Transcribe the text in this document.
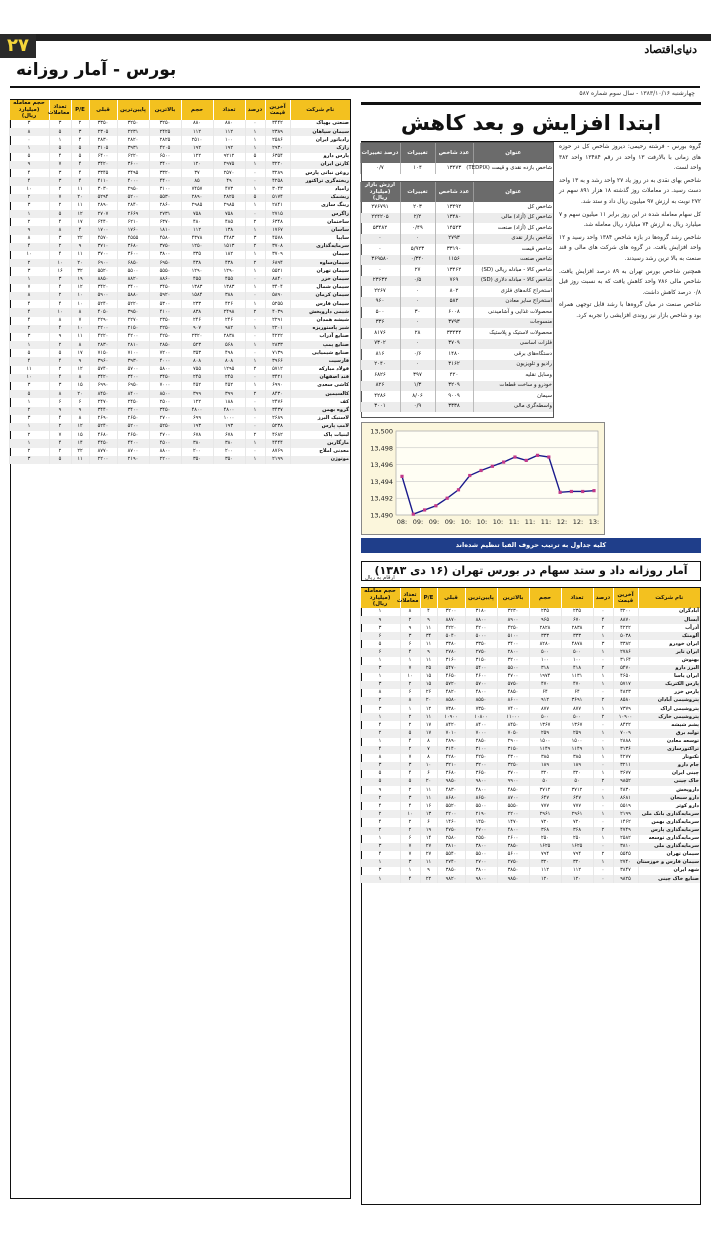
۲۷	دنیای‌اقتصاد
بورس - آمار روزانه
چهارشنبه ۱۳۸۳/۱۰/۱۶ - سال سوم شماره ۵۸۷
نام شرکت	آخرین قیمت	درصد	تعداد	حجم	بالاترین	پایین‌ترین	قبلی	P/E	تعداد معاملات	حجم معامله (میلیارد ریال)
صنعتی بهپاک	۳۴۴۲	۰	۸۸۰	۸۸۰	۳۲۵۰	۳۲۵۰	۳۳۵۰	۲	۳	۳
سیمان سپاهان	۲۳۸۹	۱	۱۱۲	۱۱۲	۲۴۲۵	۲۲۳۱	۲۳۰۵	۳	۵	۸
رادیاتور ایران	۲۵۸۶	۱	۱۰۰	۲۵۱۰	۲۸۲۵	۲۸۲۰	۲۸۳۰	۴	۱	۰
رازک	۲۹۳۰	۱	۱۹۲	۱۹۲	۴۲۰۵	۳۹۳۱	۳۱۰۵	۵	۵	۱
پارس دارو	۶۳۵۴	۵	۹۲۱۲	۱۲۲	۶۵۰۰	۶۲۲۰	۶۴۰۰	۵	۴	۵
کارتن ایران	۳۲۲۰	۱	۲۹۷۵	۱۲۰	۳۴۰۰	۳۶۰۰	۳۴۲۰	۴	۷	۹
روغن نباتی پارس	۳۲۸۹	۰	۲۵۷۰	۳۷	۳۳۲۰	۳۴۹۵	۳۳۴۵	۴	۳	۴
ریخته‌گری تراکتور	۴۲۵۸	۰	۴۹	۸۵	۴۴۰۰	۴۰۰۰	۴۱۱۰	۴	۳	۴
زامیاد	۳۰۴۳	۱	۴۷۳	۷۴۵۷	۳۱۰۰	۲۹۵۰	۳۰۳۰	۱۱	۲	۱۰
ریشمک	۵۱۷۴	۵	۲۸۲۵	۲۸۹۰	۵۵۳۰	۵۲۰۰	۵۲۹۴	۲۰	۷	۲
رینگ سازی	۲۸۴۱	۱	۲۹۸۵	۲۹۸۵	۲۸۶۰	۲۸۴۰	۲۸۹۰	۱۱	۲	۳
زاگرس	۲۷۱۵	۰	۷۵۸	۷۵۸	۲۷۳۱	۲۶۶۹	۲۷۰۷	۱۲	۵	۱
ساختمان	۶۳۴۸	۲	۴۸۵	۴۸۰	۶۳۷۰	۶۲۱۰	۶۴۴۰	۱۷	۴	۲
ساسان	۱۷۶۷	۱	۱۳۸	۱۱۲	۱۸۱۰	۱۷۶۰	۱۷۰۰	۴	۸	۹
سایپا	۴۵۷۸	۳	۴۴۸۳	۴۳۷۸	۴۵۸۰	۴۵۵۵	۴۵۷۰	۲۲	۳	۸
سرمایه‌گذاری	۳۷۰۸	۲	۱۵۱۳	۱۲۵۰	۳۷۵۰	۳۶۸۰	۳۷۱۰	۹	۲	۴
سیمان	۳۷۰۹	۱	۱۸۲	۳۳۵	۳۸۰۰	۳۶۰۰	۳۷۰۰	۱۱	۴	۱۰
سیمان‌ساوه	۶۸۹۴	۲	۴۳۸	۴۳۸	۶۹۵۰	۶۸۵۰	۶۹۰۰	۲۰	۱۰	۲
سیمان تهران	۵۵۲۱	۱	۱۲۹۰	۱۲۹۰	۵۵۵۰	۵۵۰۰	۵۵۲۰	۳۲	۱۶	۳
سیمان خزر	۸۸۴۰	۰	۴۵۵	۴۵۵	۸۸۶۰	۸۸۲۰	۸۸۵۰	۱۹	۳	۱
سیمان شمال	۳۴۰۴	۱	۱۳۸۳	۱۳۸۳	۳۴۵۰	۳۴۰۰	۳۴۲۰	۱۲	۴	۷
سیمان کرمان	۵۸۹۰	۰	۳۸۸	۱۵۸۴	۵۹۲۰	۵۸۸۰	۵۹۰۰	۱۰	۲	۸
سیمان فارس	۵۲۵۵	۱	۴۲۶	۲۳۳	۵۳۰۰	۵۲۲۰	۵۲۴۰	۱۰	۴	۴
شیمی داروپخش	۴۰۳۹	۲	۲۴۹۸	۸۳۸	۴۱۰۰	۳۹۵۰	۴۰۵۰	۸	۱۰	۴
شیشه همدان	۲۲۹۱	۰	۲۴۶	۲۴۶	۲۳۵۰	۲۲۷۰	۲۲۹۰	۷	۸	۴
شیر پاستوریزه	۲۲۰۱	۱	۹۸۲	۹۰۷	۲۲۵۰	۲۱۵۰	۲۲۰۰	۱۰	۴	۲
صنایع آذراب	۴۲۲۲	۰	۲۸۳۸	۲۳۲۰	۴۲۵۰	۴۲۰۰	۴۲۲۰	۱۱	۹	۳
صنایع پمپ	۲۸۳۳	۱	۵۶۸	۵۲۳	۲۸۵۰	۲۸۱۰	۲۸۳۰	۸	۲	۱
صنایع شیمیایی	۷۱۳۹	۰	۴۹۸	۳۵۳	۷۲۰۰	۷۱۰۰	۷۱۵۰	۱۷	۵	۵
فارسیت	۳۹۶۶	۱	۸۰۸	۸۰۸	۴۰۰۰	۳۹۳۰	۳۹۶۰	۹	۴	۴
فولاد مبارکه	۵۷۱۲	۲	۱۲۹۵	۷۵۵	۵۸۰۰	۵۷۰۰	۵۷۴۰	۱۲	۲	۱۱
قند اصفهان	۳۴۲۱	۰	۲۴۵	۲۴۵	۳۴۵۰	۳۴۰۰	۳۴۲۰	۸	۴	۱۰
کاشی سعدی	۶۹۹۰	۱	۴۵۲	۴۵۲	۷۰۰۰	۶۹۵۰	۶۹۹۰	۱۵	۳	۳
کالسیمین	۸۴۳۰	۲	۳۹۹	۳۹۹	۸۵۰۰	۸۴۰۰	۸۴۵۰	۲۰	۸	۵
کف	۲۴۷۶	۰	۱۸۸	۱۲۲	۲۵۰۰	۲۴۵۰	۲۴۷۰	۶	۶	۱
گروه بهمن	۳۴۳۷	۱	۴۸۰۰	۴۸۰۰	۳۴۵۰	۳۴۰۰	۳۴۴۰	۹	۹	۲
لاستیک البرز	۲۶۸۹	۰	۱۰۰۰	۶۹۹	۲۷۰۰	۲۶۵۰	۲۶۹۰	۸	۴	۳
لامپ پارس	۵۲۳۸	۰	۱۹۳	۱۹۳	۵۲۵۰	۵۲۰۰	۵۲۴۰	۱۲	۲	۱
لبنیات پاک	۴۶۸۲	۲	۶۷۸	۶۷۸	۴۷۰۰	۴۶۵۰	۴۶۸۰	۱۵	۷	۲
مارگارین	۴۴۴۴	۱	۳۸۰	۳۸۰	۴۵۰۰	۴۴۰۰	۴۴۵۰	۱۴	۴	۱
معدنی املاح	۸۷۶۹	۰	۲۰۰	۲۰۰	۸۸۰۰	۸۷۰۰	۸۷۷۰	۲۲	۲	۲
موتوژن	۲۱۹۹	۱	۳۵۰	۳۵۰	۲۲۰۰	۲۱۹۰	۲۲۰۰	۱۱	۵	۳
ابتدا افزایش و بعد کاهش
عنوان	عدد شاخص	تغییرات	درصد تغییرات
شاخص بازده نقدی و قیمت (TEDPIX)	۱۳۴۷۳	۱۰۴	۰/۷
عنوان	عدد شاخص	تغییرات	ارزش بازار (میلیارد ریال)
شاخص کل	۱۳۴۹۲	۲۰۳	۲۷۶۷۹۱
شاخص کل (آزاد) مالی	۱۳۴۸۰	۲/۲	۲۲۴۲۰۵
شاخص کل (آزاد) صنعت	۱۴۵۲۳	۰/۴۹	۵۳۴۸۲
شاخص بازار نقدی	۲۷۹۳	۰	۰
شاخص قیمت	۳۳۱۹۰	۵/۹۲۳	۰
شاخص صنعت	۱۱۵۶	۰/۳۴۰	۳۶۹۵۸۰
شاخص کالا - مبادله ریالی (SD)	۱۳۴۶۲	۲۷	۰
شاخص کالا - مبادله دلاری (SD)	۷۶۹	۰/۵	۲۳۶۳۲
استخراج کانه‌های فلزی	۸۰۲	۰	۲۲۶۷
استخراج سایر معادن	۵۸۲	۰	۹۶۰
محصولات غذایی و آشامیدنی	۶۰۰۸	۳۰	۵۰۰
منسوجات	۳۷۹۳	۰	۳۳۶
محصولات لاستیک و پلاستیک	۳۳۴۳۴	۲۸	۸۱۷۶
فلزات اساسی	۳۷۰۹	۰	۷۳۰۲
دستگاه‌های برقی	۱۴۸۰	۰/۶	۸۱۶
رادیو و تلویزیون	۳۱۶۲	۰	۲۰۴۰
وسایل نقلیه	۴۲۰	۳۹۷	۶۸۲۶
خودرو و ساخت قطعات	۳۲۰۹	۱/۳	۸۲۶
سیمان	۹۰۰۹	۸/۰۶	۴۲۸۶
واسطه‌گری مالی	۳۳۳۸	۰/۹	۳۰۰۱

گروه بورس - فرشته رحیمی: دیروز شاخص کل در حوزه های زمانی با بالارفت ۱۳ واحد در رقم ۱۳۴۸۴ واحد ۳۸۲ واحد لست.

شاخص بهای نقدی به در روز یاد ۲۷ واحد رشد و به ۱۳ واحد دست رسید. در معاملات روز گذشته ۱۸ هزار ۸۹۱ سهم در ۲۷۲ نوبت به ارزش ۹۷ میلیون ریال داد و ستد شد.

کل سهام معامله شده در این روز برابر ۱۱ میلیون سهم و ۷ میلیارد ریال به ارزش ۷۴ میلیارد ریال معامله شد.

شاخص رشد گروه‌ها در بازه شاخص ۱۳۸۴ واحد رسید و ۱۲ واحد افزایش یافت. در گروه های شرکت های مالی و قند صنعت به بالا ترین رشد رسیدند.

همچنین شاخص بورس تهران به ۸۹ درصد افزایش یافت. شاخص مالی ۷۸۶ واحد کاهش یافت که به نسبت روز قبل ۰/۸ درصد کاهش داشت.

شاخص صنعت در میان گروه‌ها با رشد قابل توجهی همراه بود و شاخص بازار نیز روندی افزایشی را تجربه کرد.

13,490
13,492
13,494
13,496
13,498
13,500
08: 09: 09: 09: 10: 10: 10: 11: 11: 11: 12: 12: 13:
کلیه جداول به ترتیب حروف الفبا تنظیم شده‌اند
آمار روزانه داد و ستد سهام در بورس تهران (۱۶ دی ۱۳۸۳)
ارقام به ریال
نام شرکت	آخرین قیمت	درصد	تعداد	حجم	بالاترین	پایین‌ترین	قبلی	P/E	تعداد معاملات	حجم معامله (میلیارد ریال)
آبادگران	۳۲۰۰	۰	۲۳۵	۲۳۵	۳۲۳۰	۳۱۸۰	۳۲۰۰	۴	۸	۱
آبسال	۸۸۷۰	۴	۶۷۰	۹۶۵	۸۹۰۰	۸۸۰۰	۸۸۷۰	۹	۲	۹
آذرآب	۴۲۲۲	۲	۲۸۳۸	۲۸۲۸	۴۲۵۰	۴۲۰۰	۴۲۲۰	۱۱	۹	۳
آلومتک	۵۰۳۸	۱	۳۳۳	۳۳۳	۵۱۰۰	۵۰۰۰	۵۰۴۰	۳۴	۳	۶
ایران خودرو	۳۳۸۲	۳	۴۸۷۸	۸۲۸۰	۳۴۰۰	۳۳۵۰	۳۳۸۰	۱۱	۶	۵
ایران تایر	۲۷۸۶	۱	۵۰۰	۵۰۰	۲۸۰۰	۲۷۵۰	۲۷۸۰	۹	۴	۶
بهنوش	۳۱۶۴	۰	۱۰۰	۱۰۰	۳۲۰۰	۳۱۵۰	۳۱۶۰	۱۱	۱	۱
البرز دارو	۵۴۷۰	۲	۴۱۸	۳۱۸	۵۵۰۰	۵۴۰۰	۵۴۷۰	۲۵	۷	۳
ایران یاسا	۴۶۵۰	۱	۱۱۳۱	۱۹۷۴	۴۷۰۰	۴۶۰۰	۴۶۵۰	۱۵	۱۰	۱
پارس الکتریک	۵۷۱۷	۱	۴۷۰	۴۷۰	۵۷۵۰	۵۷۰۰	۵۷۲۰	۱۵	۲	۳
پارس خزر	۴۸۲۳	۰	۶۴	۶۴	۴۸۵۰	۴۸۰۰	۴۸۲۰	۲۶	۶	۸
پتروشیمی آبادان	۸۵۸۰	۲	۳۶۹۱	۹۱۲	۸۶۰۰	۸۵۵۰	۸۵۸۰	۲۰	۸	۲
پتروشیمی اراک	۷۳۷۹	۱	۸۷۷	۸۷۷	۷۴۰۰	۷۳۵۰	۷۳۸۰	۱۲	۱	۳
پتروشیمی خارک	۱۰۹۰۰	۲	۵۰۰	۵۰۰	۱۱۰۰۰	۱۰۸۰۰	۱۰۹۰۰	۱۱	۲	۱
پشم شیشه	۸۴۲۲	۰	۱۳۶۷	۱۳۶۷	۸۴۵۰	۸۴۰۰	۸۴۲۰	۱۷	۲	۴
تولید برق	۷۰۰۹	۱	۲۵۹	۲۵۹	۷۰۵۰	۷۰۰۰	۷۰۱۰	۱۷	۵	۲
توسعه معادن	۲۸۸۸	۰	۱۵۰۰	۱۵۰۰	۲۹۰۰	۲۸۵۰	۲۸۹۰	۸	۴	۱
تراکتورسازی	۳۱۳۶	۱	۱۱۴۹	۱۱۴۹	۳۱۵۰	۳۱۰۰	۳۱۴۰	۷	۲	۴
تکنوتار	۴۲۷۷	۱	۳۸۵	۳۸۵	۴۳۰۰	۴۲۵۰	۴۲۸۰	۸	۷	۸
جام دارو	۳۲۱۱	۰	۱۸۹	۱۸۹	۳۲۵۰	۳۲۰۰	۳۲۱۰	۱۰	۳	۳
چینی ایران	۳۶۷۷	۱	۳۲۰	۳۲۰	۳۷۰۰	۳۶۵۰	۳۶۸۰	۶	۴	۵
خاک چینی	۹۸۵۲	۲	۵۰	۵۰	۹۹۰۰	۹۸۰۰	۹۸۵۰	۲۰	۵	۵
داروپخش	۴۸۳۰	۰	۳۷۱۲	۳۷۱۲	۴۸۵۰	۴۸۰۰	۴۸۳۰	۱۱	۲	۹
دارو سبحان	۸۶۸۱	۱	۶۴۷	۶۴۷	۸۷۰۰	۸۶۵۰	۸۶۸۰	۱۱	۳	۲
دارو کوثر	۵۵۱۹	۰	۷۷۷	۷۷۷	۵۵۵۰	۵۵۰۰	۵۵۲۰	۱۶	۴	۴
سرمایه‌گذاری بانک ملی	۲۱۹۹	۱	۲۹۶۱	۲۹۶۱	۲۲۰۰	۲۱۹۰	۲۲۰۰	۱۳	۱۰	۲
سرمایه‌گذاری بهمن	۱۴۶۲	۰	۷۲۰	۷۲۰	۱۴۷۰	۱۴۵۰	۱۴۶۰	۶	۲	۴
سرمایه‌گذاری پارس	۴۷۴۹	۲	۳۶۸	۳۶۸	۴۸۰۰	۴۷۰۰	۴۷۵۰	۱۹	۲	۲
سرمایه‌گذاری توسعه	۲۵۸۲	۱	۲۵۰	۲۵۰	۲۶۰۰	۲۵۵۰	۲۵۸۰	۱۴	۶	۱
سرمایه‌گذاری ملی	۳۸۱۰	۰	۱۶۲۵	۱۶۲۵	۳۸۵۰	۳۸۰۰	۳۸۱۰	۲۷	۷	۳
سیمان تهران	۵۵۴۵	۲	۷۹۴	۷۹۴	۵۶۰۰	۵۵۰۰	۵۵۴۰	۲۷	۷	۴
سیمان فارس و خوزستان	۲۷۴۰	۱	۳۲۰	۳۲۰	۲۷۵۰	۲۷۰۰	۲۷۴۰	۱۱	۳	۱
شهد ایران	۳۸۴۷	۰	۱۱۲	۱۱۲	۳۸۵۰	۳۸۰۰	۳۸۵۰	۹	۱	۳
صنایع خاک چینی	۹۸۲۵	۰	۱۲۰	۱۲۰	۹۸۵۰	۹۸۰۰	۹۸۲۰	۲۲	۴	۱
